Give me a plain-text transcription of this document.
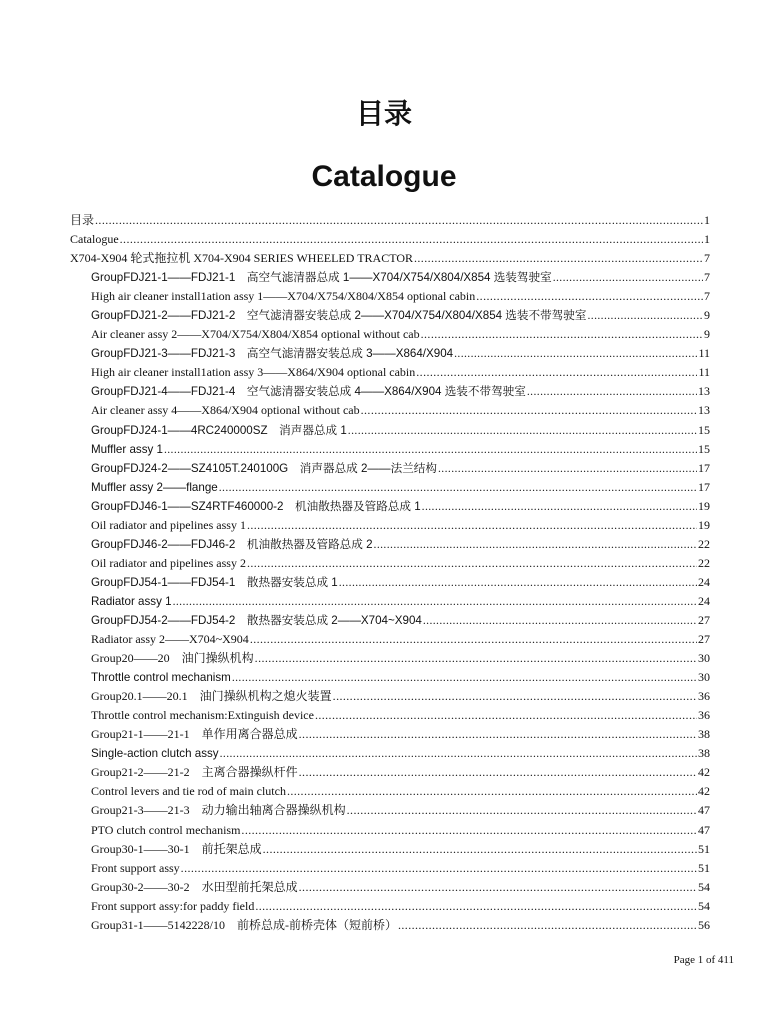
目录
Catalogue
目录 .....	1
Catalogue .....	1
X704-X904 轮式拖拉机 X704-X904 SERIES WHEELED TRACTOR .....	7
GroupFDJ21-1——FDJ21-1　高空气滤清器总成 1——X704/X754/X804/X854 选装驾驶室 .....	7
High air cleaner install1ation assy 1——X704/X754/X804/X854 optional cabin .....	7
GroupFDJ21-2——FDJ21-2　空气滤清器安装总成 2——X704/X754/X804/X854 选装不带驾驶室 .....	9
Air cleaner assy 2——X704/X754/X804/X854 optional without cab .....	9
GroupFDJ21-3——FDJ21-3　高空气滤清器安装总成 3——X864/X904 .....	11
High air cleaner install1ation assy 3——X864/X904 optional cabin .....	11
GroupFDJ21-4——FDJ21-4　空气滤清器安装总成 4——X864/X904 选装不带驾驶室 .....	13
Air cleaner assy 4——X864/X904 optional without cab .....	13
GroupFDJ24-1——4RC240000SZ　消声器总成 1 .....	15
Muffler assy 1 .....	15
GroupFDJ24-2——SZ4105T.240100G　消声器总成 2——法兰结构 .....	17
Muffler assy 2——flange .....	17
GroupFDJ46-1——SZ4RTF460000-2　机油散热器及管路总成 1 .....	19
Oil radiator and pipelines assy 1 .....	19
GroupFDJ46-2——FDJ46-2　机油散热器及管路总成 2 .....	22
Oil radiator and pipelines assy 2 .....	22
GroupFDJ54-1——FDJ54-1　散热器安装总成 1 .....	24
Radiator assy 1 .....	24
GroupFDJ54-2——FDJ54-2　散热器安装总成 2——X704~X904 .....	27
Radiator assy 2——X704~X904 .....	27
Group20——20　油门操纵机构 .....	30
Throttle control mechanism .....	30
Group20.1——20.1　油门操纵机构之熄火装置 .....	36
Throttle control mechanism:Extinguish device .....	36
Group21-1——21-1　单作用离合器总成 .....	38
Single-action clutch assy .....	38
Group21-2——21-2　主离合器操纵杆件 .....	42
Control levers and tie rod of main clutch .....	42
Group21-3——21-3　动力输出轴离合器操纵机构 .....	47
PTO clutch control mechanism .....	47
Group30-1——30-1　前托架总成 .....	51
Front support assy .....	51
Group30-2——30-2　水田型前托架总成 .....	54
Front support assy:for paddy field .....	54
Group31-1——5142228/10　前桥总成-前桥壳体（短前桥） .....	56
Page 1 of 411
